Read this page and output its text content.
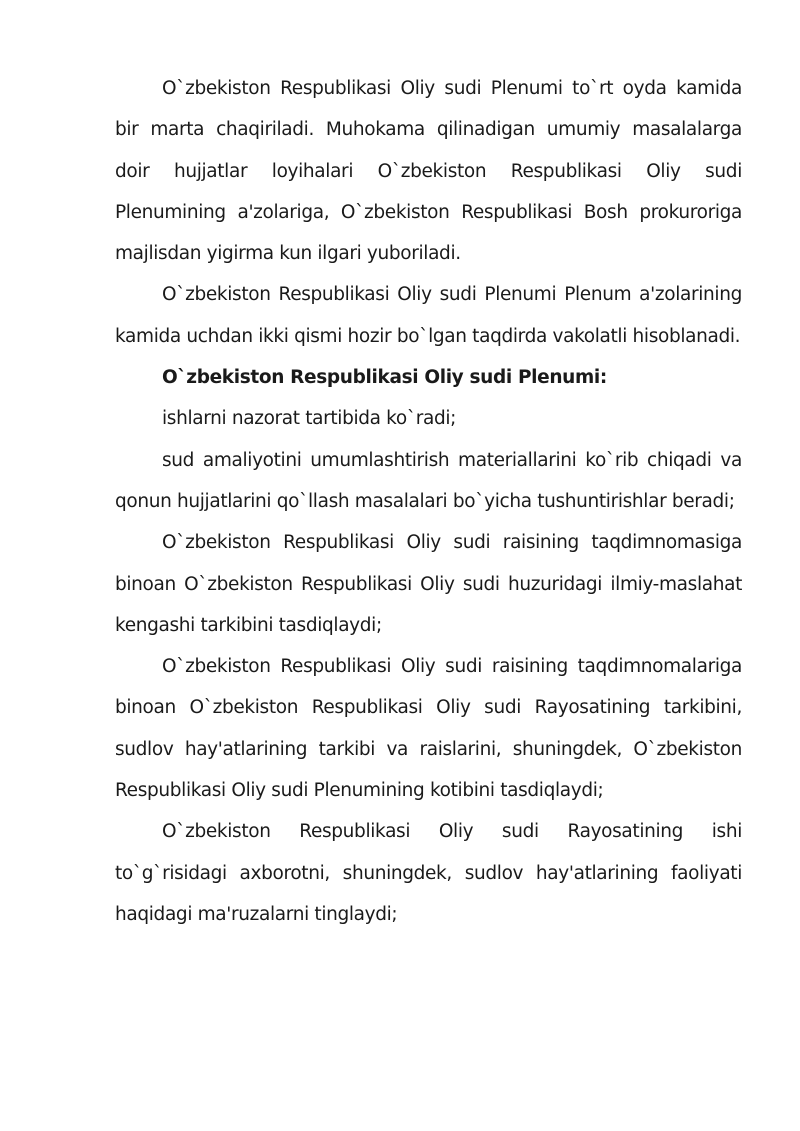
O`zbekiston Respublikasi Oliy sudi Plenumi to`rt oyda kamida bir marta chaqiriladi. Muhokama qilinadigan umumiy masalalarga doir hujjatlar loyihalari O`zbekiston Respublikasi Oliy sudi Plenumining a'zolariga, O`zbekiston Respublikasi Bosh prokuroriga majlisdan yigirma kun ilgari yuboriladi.

O`zbekiston Respublikasi Oliy sudi Plenumi Plenum a'zolarining kamida uchdan ikki qismi hozir bo`lgan taqdirda vakolatli hisoblanadi.

O`zbekiston Respublikasi Oliy sudi Plenumi:

ishlarni nazorat tartibida ko`radi;

sud amaliyotini umumlashtirish materiallarini ko`rib chiqadi va qonun hujjatlarini qo`llash masalalari bo`yicha tushuntirishlar beradi;

O`zbekiston Respublikasi Oliy sudi raisining taqdimnomasiga binoan O`zbekiston Respublikasi Oliy sudi huzuridagi ilmiy-maslahat kengashi tarkibini tasdiqlaydi;

O`zbekiston Respublikasi Oliy sudi raisining taqdimnomalariga binoan O`zbekiston Respublikasi Oliy sudi Rayosatining tarkibini, sudlov hay'atlarining tarkibi va raislarini, shuningdek, O`zbekiston Respublikasi Oliy sudi Plenumining kotibini tasdiqlaydi;

O`zbekiston Respublikasi Oliy sudi Rayosatining ishi to`g`risidagi axborotni, shuningdek, sudlov hay'atlarining faoliyati haqidagi ma'ruzalarni tinglaydi;
